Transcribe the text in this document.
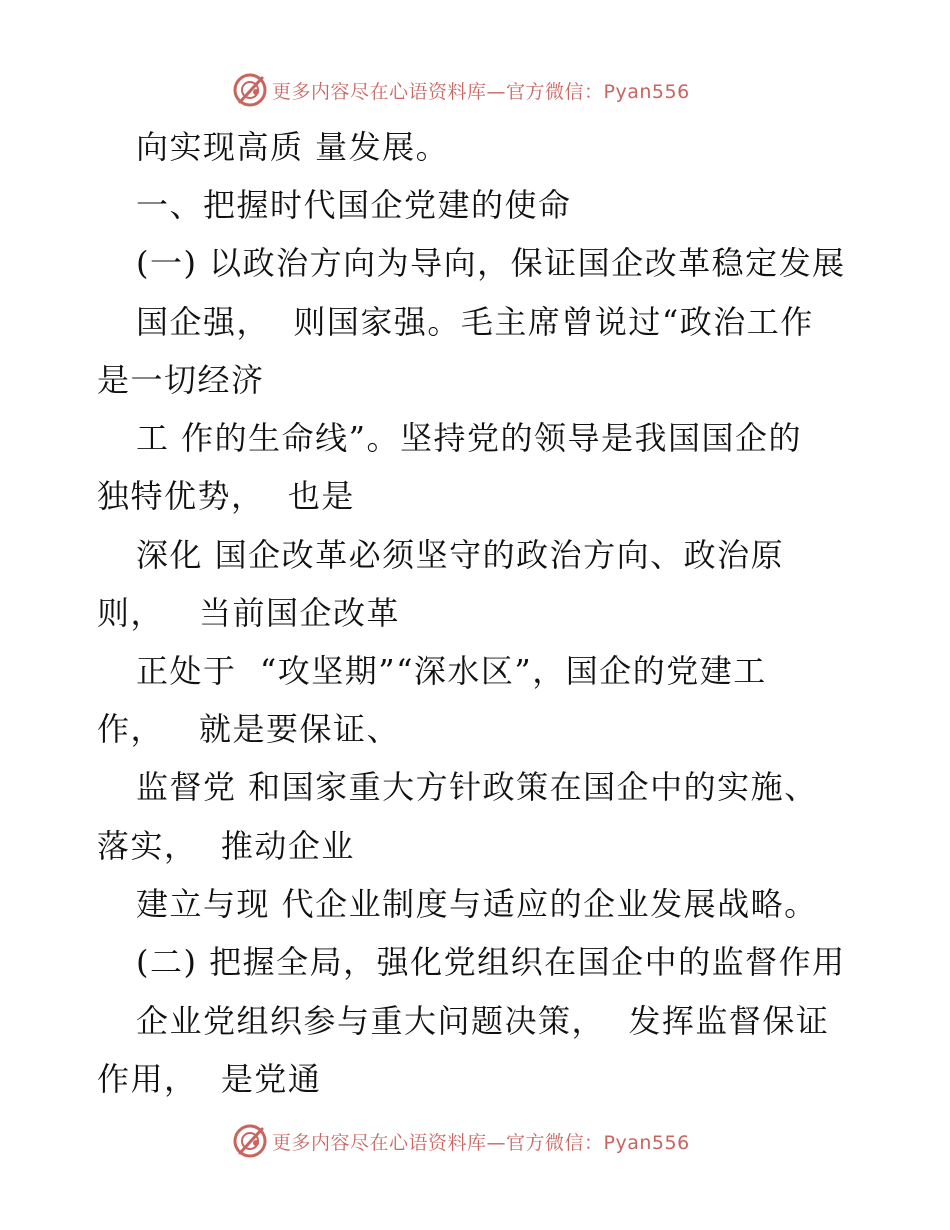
更多内容尽在心语资料库—官方微信：Pyan556
向实现高质 量发展。
一、把握时代国企党建的使命
(一) 以政治方向为导向，保证国企改革稳定发展
国企强，  则国家强。毛主席曾说过“政治工作
是一切经济
工 作的生命线”。坚持党的领导是我国国企的
独特优势，  也是
深化 国企改革必须坚守的政治方向、政治原
则，   当前国企改革
正处于  “攻坚期”“深水区”，国企的党建工
作，   就是要保证、
监督党 和国家重大方针政策在国企中的实施、
落实，  推动企业
建立与现 代企业制度与适应的企业发展战略。
(二) 把握全局，强化党组织在国企中的监督作用
企业党组织参与重大问题决策，  发挥监督保证
作用，  是党通
更多内容尽在心语资料库—官方微信：Pyan556
